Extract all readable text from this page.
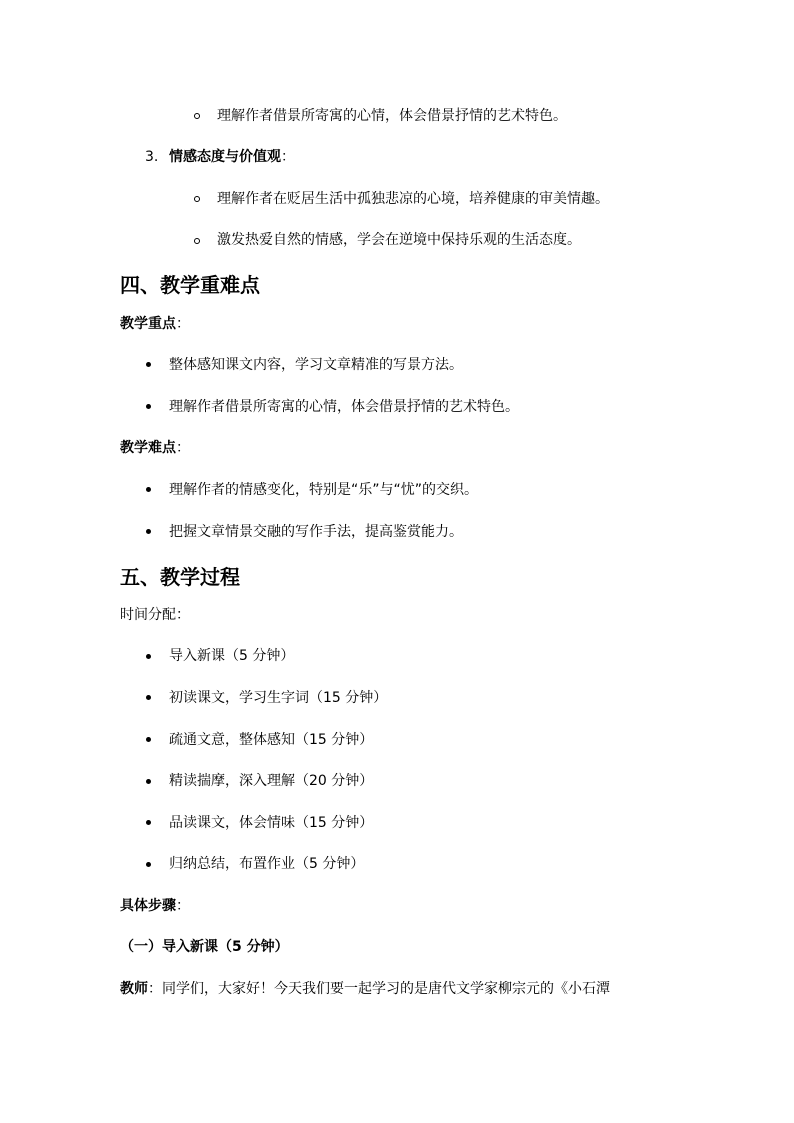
理解作者借景所寄寓的心情，体会借景抒情的艺术特色。
3. 情感态度与价值观：
理解作者在贬居生活中孤独悲凉的心境，培养健康的审美情趣。
激发热爱自然的情感，学会在逆境中保持乐观的生活态度。
四、教学重难点
教学重点：
整体感知课文内容，学习文章精准的写景方法。
理解作者借景所寄寓的心情，体会借景抒情的艺术特色。
教学难点：
理解作者的情感变化，特别是“乐”与“忧”的交织。
把握文章情景交融的写作手法，提高鉴赏能力。
五、教学过程
时间分配：
导入新课（5 分钟）
初读课文，学习生字词（15 分钟）
疏通文意，整体感知（15 分钟）
精读揣摩，深入理解（20 分钟）
品读课文，体会情味（15 分钟）
归纳总结，布置作业（5 分钟）
具体步骤：
（一）导入新课（5 分钟）
教师：同学们，大家好！今天我们要一起学习的是唐代文学家柳宗元的《小石潭
